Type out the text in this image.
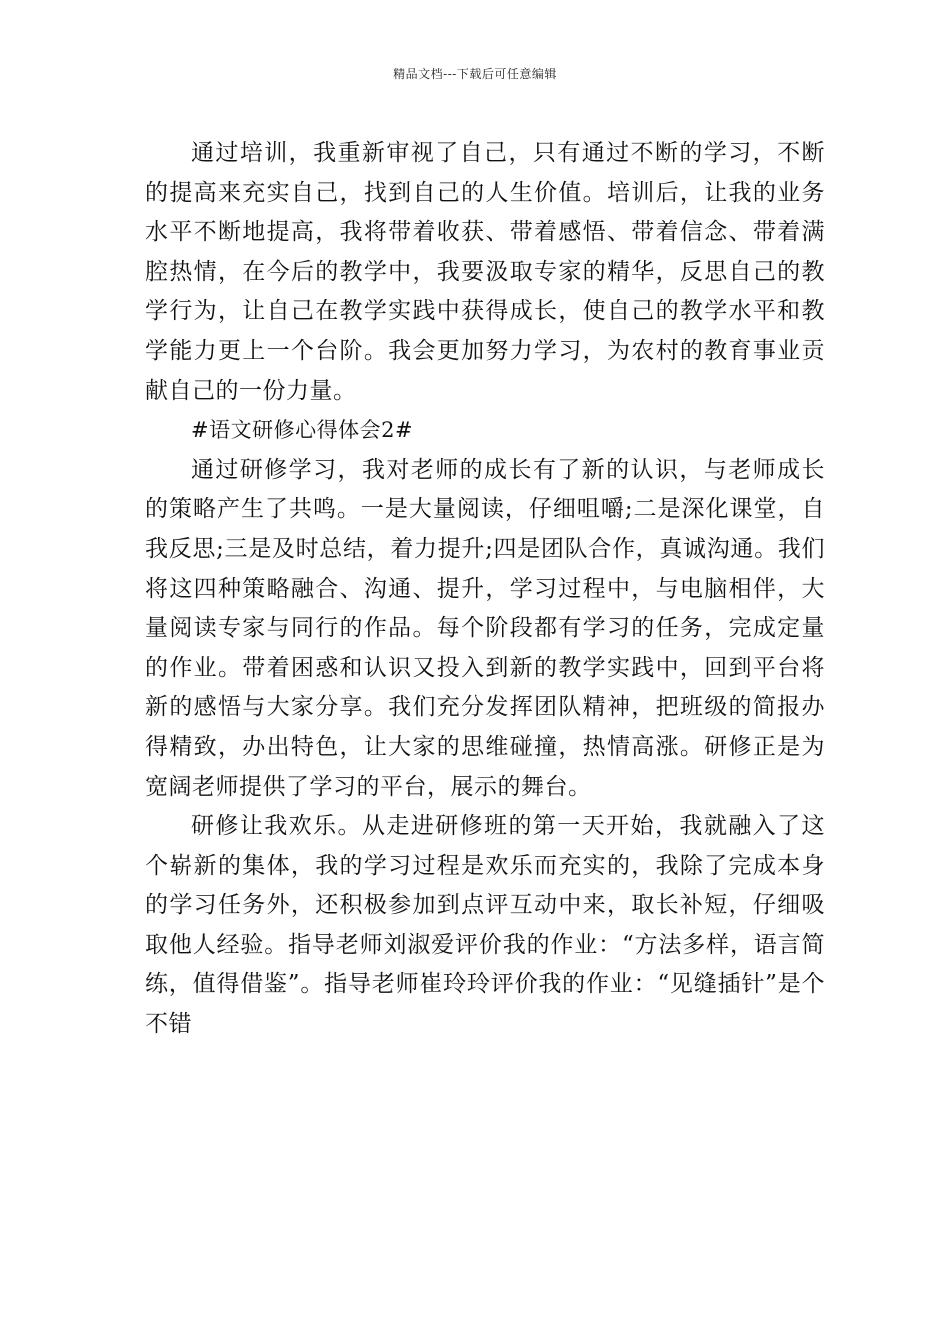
精品文档---下载后可任意编辑

通过培训，我重新审视了自己，只有通过不断的学习，不断的提高来充实自己，找到自己的人生价值。培训后，让我的业务水平不断地提高，我将带着收获、带着感悟、带着信念、带着满腔热情，在今后的教学中，我要汲取专家的精华，反思自己的教学行为，让自己在教学实践中获得成长，使自己的教学水平和教学能力更上一个台阶。我会更加努力学习，为农村的教育事业贡献自己的一份力量。

#语文研修心得体会2#

通过研修学习，我对老师的成长有了新的认识，与老师成长的策略产生了共鸣。一是大量阅读，仔细咀嚼;二是深化课堂，自我反思;三是及时总结，着力提升;四是团队合作，真诚沟通。我们将这四种策略融合、沟通、提升，学习过程中，与电脑相伴，大量阅读专家与同行的作品。每个阶段都有学习的任务，完成定量的作业。带着困惑和认识又投入到新的教学实践中，回到平台将新的感悟与大家分享。我们充分发挥团队精神，把班级的简报办得精致，办出特色，让大家的思维碰撞，热情高涨。研修正是为宽阔老师提供了学习的平台，展示的舞台。

研修让我欢乐。从走进研修班的第一天开始，我就融入了这个崭新的集体，我的学习过程是欢乐而充实的，我除了完成本身的学习任务外，还积极参加到点评互动中来，取长补短，仔细吸取他人经验。指导老师刘淑爱评价我的作业：“方法多样，语言简练，值得借鉴”。指导老师崔玲玲评价我的作业：“见缝插针”是个不错
